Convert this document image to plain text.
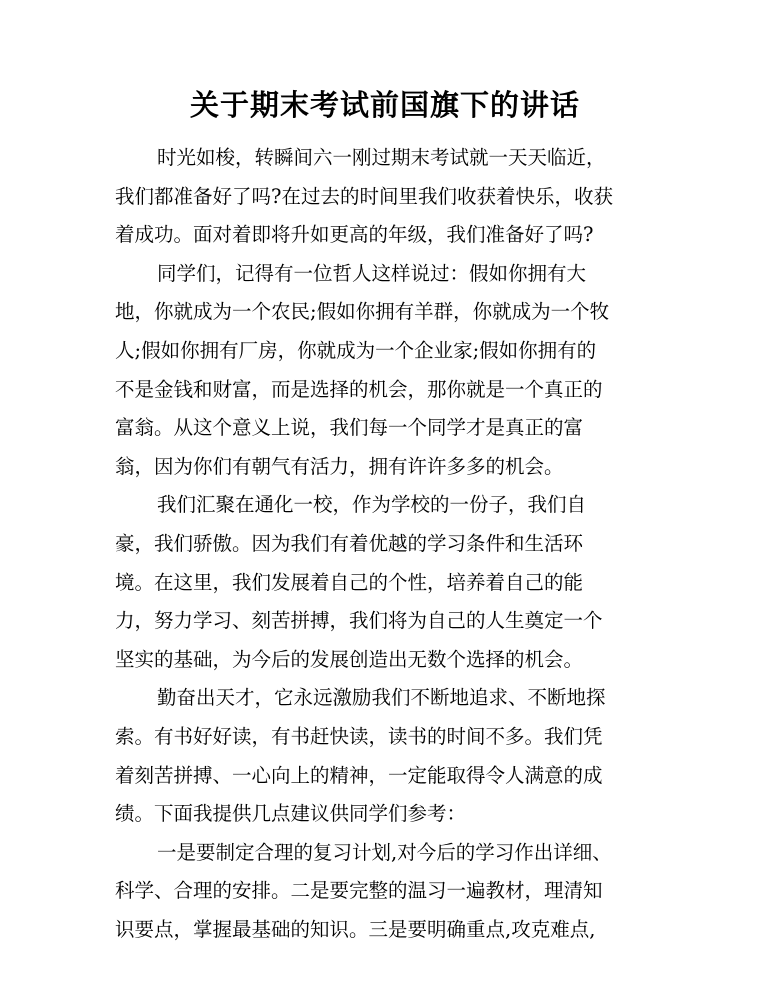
关于期末考试前国旗下的讲话
时光如梭，转瞬间六一刚过期末考试就一天天临近，
我们都准备好了吗?在过去的时间里我们收获着快乐，收获
着成功。面对着即将升如更高的年级，我们准备好了吗?
同学们，记得有一位哲人这样说过：假如你拥有大
地，你就成为一个农民;假如你拥有羊群，你就成为一个牧
人;假如你拥有厂房，你就成为一个企业家;假如你拥有的
不是金钱和财富，而是选择的机会，那你就是一个真正的
富翁。从这个意义上说，我们每一个同学才是真正的富
翁，因为你们有朝气有活力，拥有许许多多的机会。
我们汇聚在通化一校，作为学校的一份子，我们自
豪，我们骄傲。因为我们有着优越的学习条件和生活环
境。在这里，我们发展着自己的个性，培养着自己的能
力，努力学习、刻苦拼搏，我们将为自己的人生奠定一个
坚实的基础，为今后的发展创造出无数个选择的机会。
勤奋出天才，它永远激励我们不断地追求、不断地探
索。有书好好读，有书赶快读，读书的时间不多。我们凭
着刻苦拼搏、一心向上的精神，一定能取得令人满意的成
绩。下面我提供几点建议供同学们参考：
一是要制定合理的复习计划,对今后的学习作出详细、
科学、合理的安排。二是要完整的温习一遍教材，理清知
识要点，掌握最基础的知识。三是要明确重点,攻克难点,
